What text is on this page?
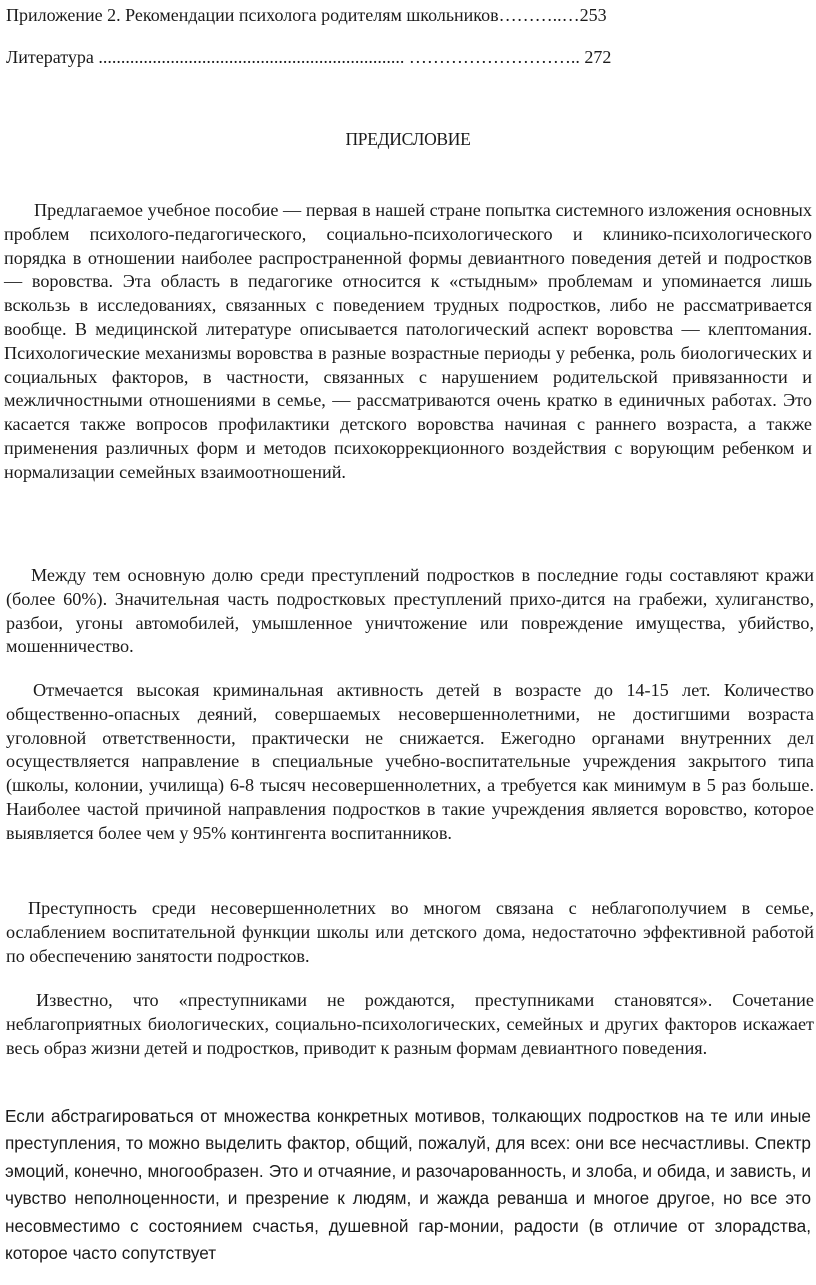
Приложение 2. Рекомендации психолога родителям школьников………..…253
Литература .................................................................... ……………………….. 272
ПРЕДИСЛОВИЕ
Предлагаемое учебное пособие — первая в нашей стране попытка системного изложения основных проблем психолого-педагогического, социально-психологического и клинико-психологического порядка в отношении наиболее распространенной формы девиантного поведения детей и подростков — воровства. Эта область в педагогике относится к «стыдным» проблемам и упоминается лишь вскользь в исследованиях, связанных с поведением трудных подростков, либо не рассматривается вообще. В медицинской литературе описывается патологический аспект воровства — клептомания. Психологические механизмы воровства в разные возрастные периоды у ребенка, роль биологических и социальных факторов, в частности, связанных с нарушением родительской привязанности и межличностными отношениями в семье, — рассматриваются очень кратко в единичных работах. Это касается также вопросов профилактики детского воровства начиная с раннего возраста, а также применения различных форм и методов психокоррекционного воздействия с ворующим ребенком и нормализации семейных взаимоотношений.
Между тем основную долю среди преступлений подростков в последние годы составляют кражи (более 60%). Значительная часть подростковых преступлений прихо-дится на грабежи, хулиганство, разбои, угоны автомобилей, умышленное уничтожение или повреждение имущества, убийство, мошенничество.
Отмечается высокая криминальная активность детей в возрасте до 14-15 лет. Количество общественно-опасных деяний, совершаемых несовершеннолетними, не достигшими возраста уголовной ответственности, практически не снижается. Ежегодно органами внутренних дел осуществляется направление в специальные учебно-воспитательные учреждения закрытого типа (школы, колонии, училища) 6-8 тысяч несовершеннолетних, а требуется как минимум в 5 раз больше. Наиболее частой причиной направления подростков в такие учреждения является воровство, которое выявляется более чем у 95% контингента воспитанников.
Преступность среди несовершеннолетних во многом связана с неблагополучием в семье, ослаблением воспитательной функции школы или детского дома, недостаточно эффективной работой по обеспечению занятости подростков.
Известно, что «преступниками не рождаются, преступниками становятся». Сочетание неблагоприятных биологических, социально-психологических, семейных и других факторов искажает весь образ жизни детей и подростков, приводит к разным формам девиантного поведения.
Если абстрагироваться от множества конкретных мотивов, толкающих подростков на те или иные преступления, то можно выделить фактор, общий, пожалуй, для всех: они все несчастливы. Спектр эмоций, конечно, многообразен. Это и отчаяние, и разочарованность, и злоба, и обида, и зависть, и чувство неполноценности, и презрение к людям, и жажда реванша и многое другое, но все это несовместимо с состоянием счастья, душевной гар-монии, радости (в отличие от злорадства, которое часто сопутствует
